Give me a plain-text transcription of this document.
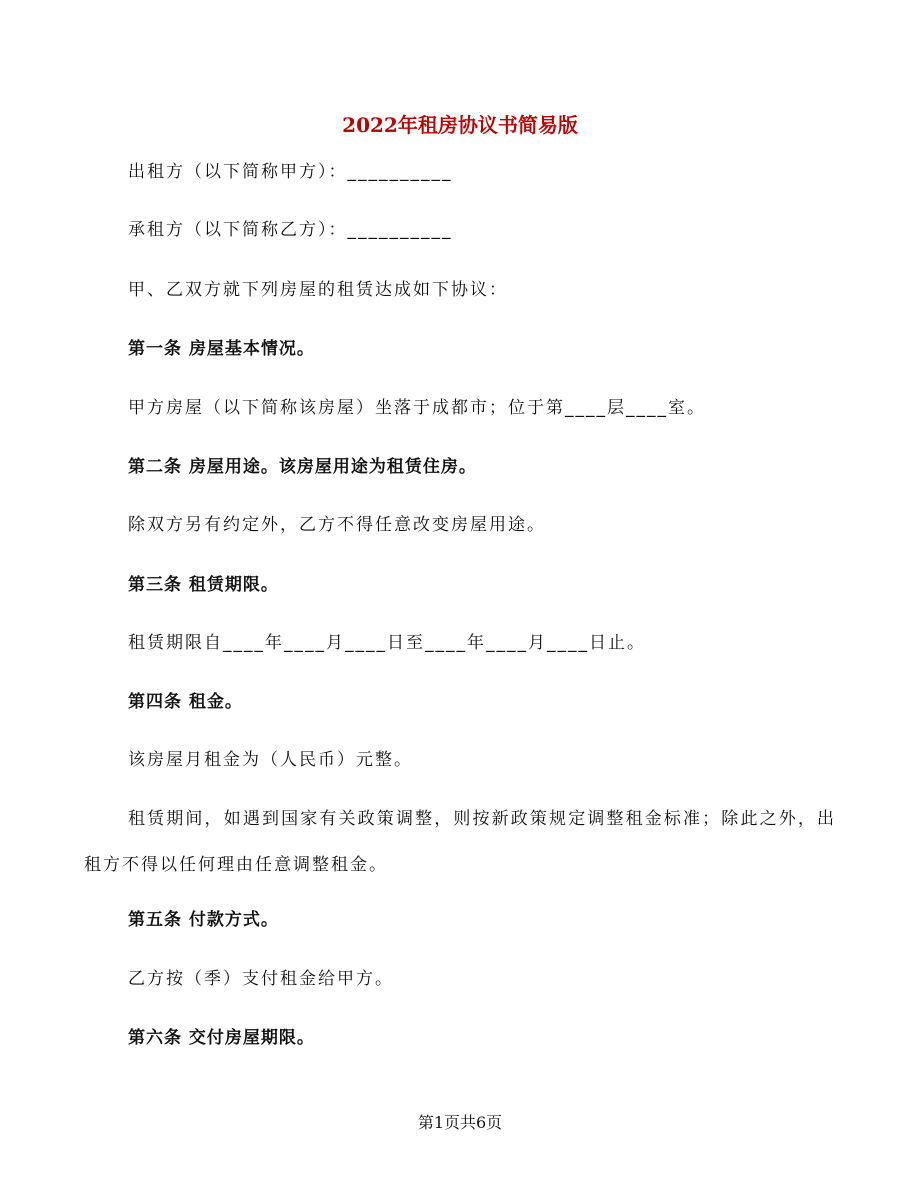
2022年租房协议书简易版
出租方（以下简称甲方）：__________
承租方（以下简称乙方）：__________
甲、乙双方就下列房屋的租赁达成如下协议：
第一条 房屋基本情况。
甲方房屋（以下简称该房屋）坐落于成都市；位于第____层____室。
第二条 房屋用途。该房屋用途为租赁住房。
除双方另有约定外，乙方不得任意改变房屋用途。
第三条 租赁期限。
租赁期限自____年____月____日至____年____月____日止。
第四条 租金。
该房屋月租金为（人民币）元整。
租赁期间，如遇到国家有关政策调整，则按新政策规定调整租金标准；除此之外，出租方不得以任何理由任意调整租金。
第五条 付款方式。
乙方按（季）支付租金给甲方。
第六条 交付房屋期限。
第1页共6页
